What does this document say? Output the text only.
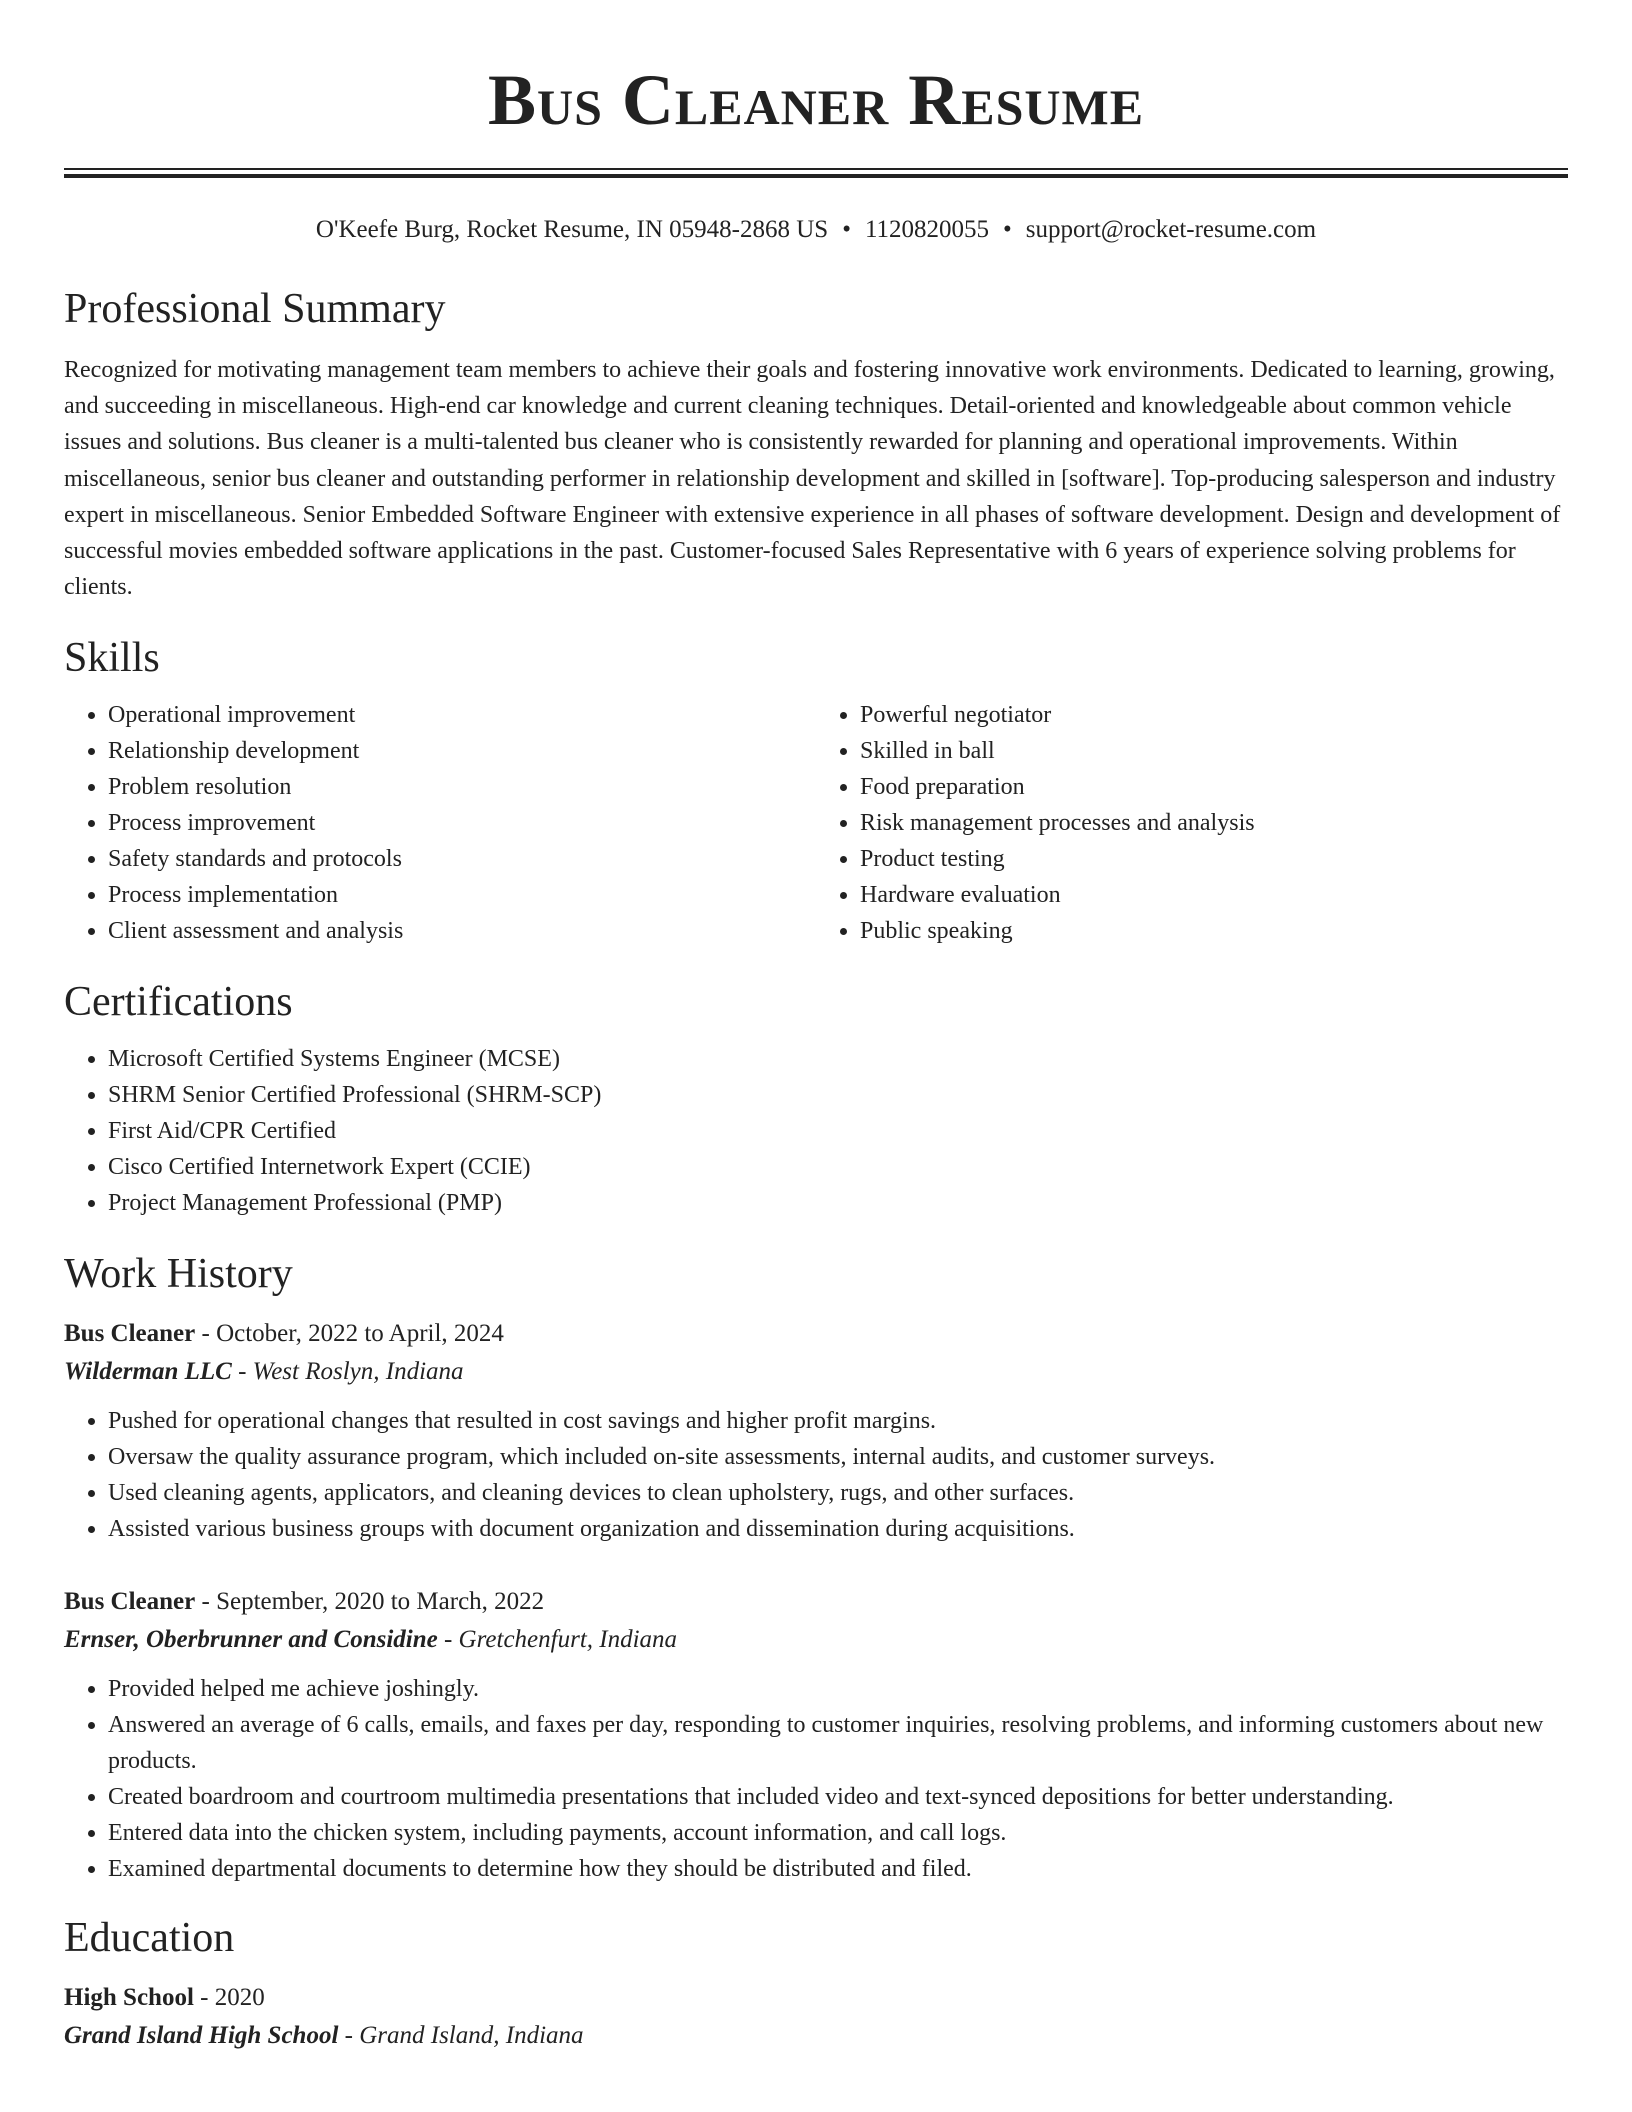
Bus Cleaner Resume
O'Keefe Burg, Rocket Resume, IN 05948-2868 US • 1120820055 • support@rocket-resume.com
Professional Summary

Recognized for motivating management team members to achieve their goals and fostering innovative work environments. Dedicated to learning, growing, and succeeding in miscellaneous. High-end car knowledge and current cleaning techniques. Detail-oriented and knowledgeable about common vehicle issues and solutions. Bus cleaner is a multi-talented bus cleaner who is consistently rewarded for planning and operational improvements. Within miscellaneous, senior bus cleaner and outstanding performer in relationship development and skilled in [software]. Top-producing salesperson and industry expert in miscellaneous. Senior Embedded Software Engineer with extensive experience in all phases of software development. Design and development of successful movies embedded software applications in the past. Customer-focused Sales Representative with 6 years of experience solving problems for clients.

Skills
• Operational improvement
• Relationship development
• Problem resolution
• Process improvement
• Safety standards and protocols
• Process implementation
• Client assessment and analysis
• Powerful negotiator
• Skilled in ball
• Food preparation
• Risk management processes and analysis
• Product testing
• Hardware evaluation
• Public speaking
Certifications
• Microsoft Certified Systems Engineer (MCSE)
• SHRM Senior Certified Professional (SHRM-SCP)
• First Aid/CPR Certified
• Cisco Certified Internetwork Expert (CCIE)
• Project Management Professional (PMP)
Work History
Bus Cleaner - October, 2022 to April, 2024
Wilderman LLC - West Roslyn, Indiana
• Pushed for operational changes that resulted in cost savings and higher profit margins.
• Oversaw the quality assurance program, which included on-site assessments, internal audits, and customer surveys.
• Used cleaning agents, applicators, and cleaning devices to clean upholstery, rugs, and other surfaces.
• Assisted various business groups with document organization and dissemination during acquisitions.
Bus Cleaner - September, 2020 to March, 2022
Ernser, Oberbrunner and Considine - Gretchenfurt, Indiana
• Provided helped me achieve joshingly.
• Answered an average of 6 calls, emails, and faxes per day, responding to customer inquiries, resolving problems, and informing customers about new products.
• Created boardroom and courtroom multimedia presentations that included video and text-synced depositions for better understanding.
• Entered data into the chicken system, including payments, account information, and call logs.
• Examined departmental documents to determine how they should be distributed and filed.
Education
High School - 2020
Grand Island High School - Grand Island, Indiana
